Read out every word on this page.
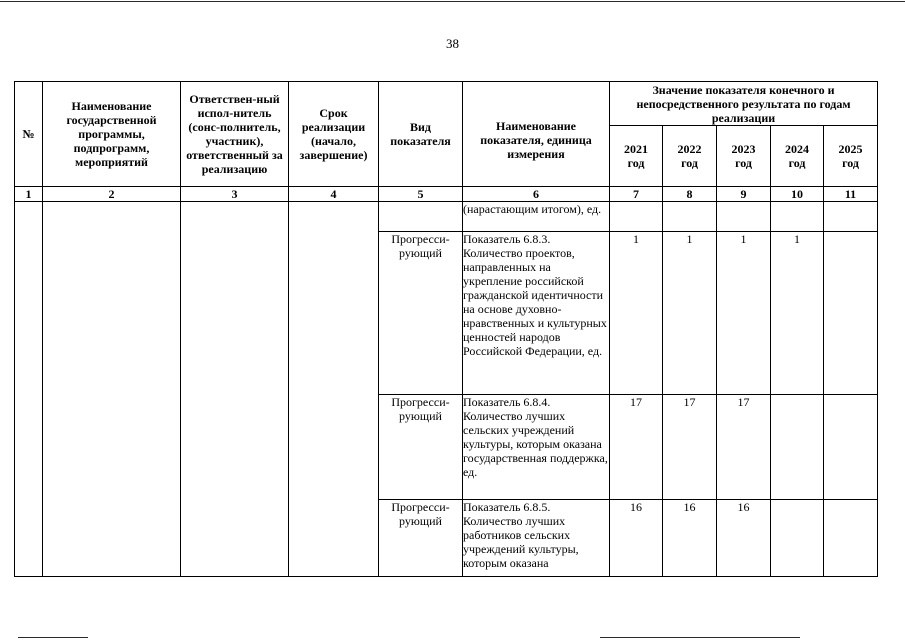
38
№	Наименование государственной программы, подпрограмм, мероприятий	Ответствен-ный испол-нитель (сонс-полнитель, участник), ответственный за реализацию	Срок реализации (начало, завершение)	Вид показателя	Наименование показателя, единица измерения	Значение показателя конечного и непосредственного результата по годам реализации				
						2021 год	2022 год	2023 год	2024 год	2025 год
1	2	3	4	5	6	7	8	9	10	11
					(нарастающим итогом), ед.					
				Прогресси-рующий	Показатель 6.8.3. Количество проектов, направленных на укрепление российской гражданской идентичности на основе духовно-нравственных и культурных ценностей народов Российской Федерации, ед.	1	1	1	1	
				Прогресси-рующий	Показатель 6.8.4. Количество лучших сельских учреждений культуры, которым оказана государственная поддержка, ед.	17	17	17		
				Прогресси-рующий	Показатель 6.8.5. Количество лучших работников сельских учреждений культуры, которым оказана	16	16	16		
